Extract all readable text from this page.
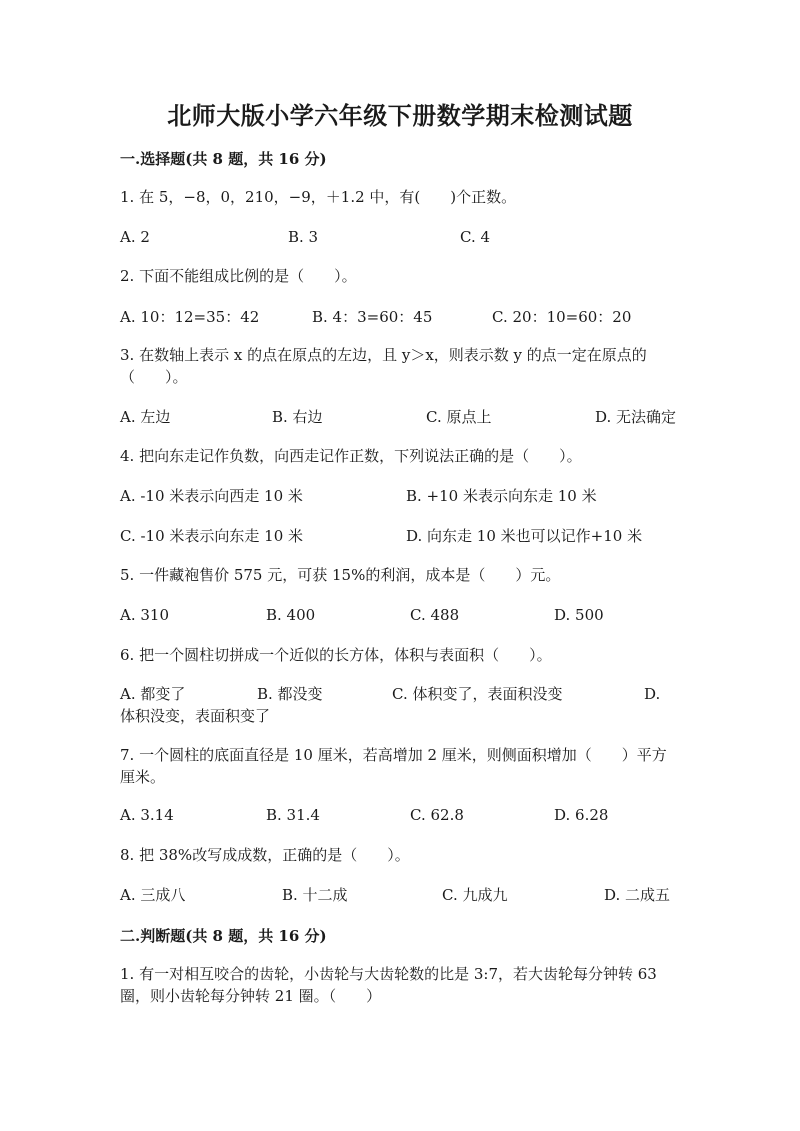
北师大版小学六年级下册数学期末检测试题
一.选择题(共 8 题，共 16 分)
1. 在 5，−8，0，210，−9，＋1.2 中，有(　　)个正数。
A. 2	B. 3	C. 4
2. 下面不能组成比例的是（　　）。
A. 10：12=35：42	B. 4：3=60：45	C. 20：10=60：20
3. 在数轴上表示 x 的点在原点的左边，且 y＞x，则表示数 y 的点一定在原点的（　　）。
A. 左边	B. 右边	C. 原点上	D. 无法确定
4. 把向东走记作负数，向西走记作正数，下列说法正确的是（　　）。
A. -10 米表示向西走 10 米	B. +10 米表示向东走 10 米
C. -10 米表示向东走 10 米	D. 向东走 10 米也可以记作+10 米
5. 一件藏袍售价 575 元，可获 15%的利润，成本是（　　）元。
A. 310	B. 400	C. 488	D. 500
6. 把一个圆柱切拼成一个近似的长方体，体积与表面积（　　）。
A. 都变了	B. 都没变	C. 体积变了，表面积没变	D. 体积没变，表面积变了
7. 一个圆柱的底面直径是 10 厘米，若高增加 2 厘米，则侧面积增加（　　）平方厘米。
A. 3.14	B. 31.4	C. 62.8	D. 6.28
8. 把 38%改写成成数，正确的是（　　）。
A. 三成八	B. 十二成	C. 九成九	D. 二成五
二.判断题(共 8 题，共 16 分)
1. 有一对相互咬合的齿轮，小齿轮与大齿轮数的比是 3:7，若大齿轮每分钟转 63 圈，则小齿轮每分钟转 21 圈。（　　）
